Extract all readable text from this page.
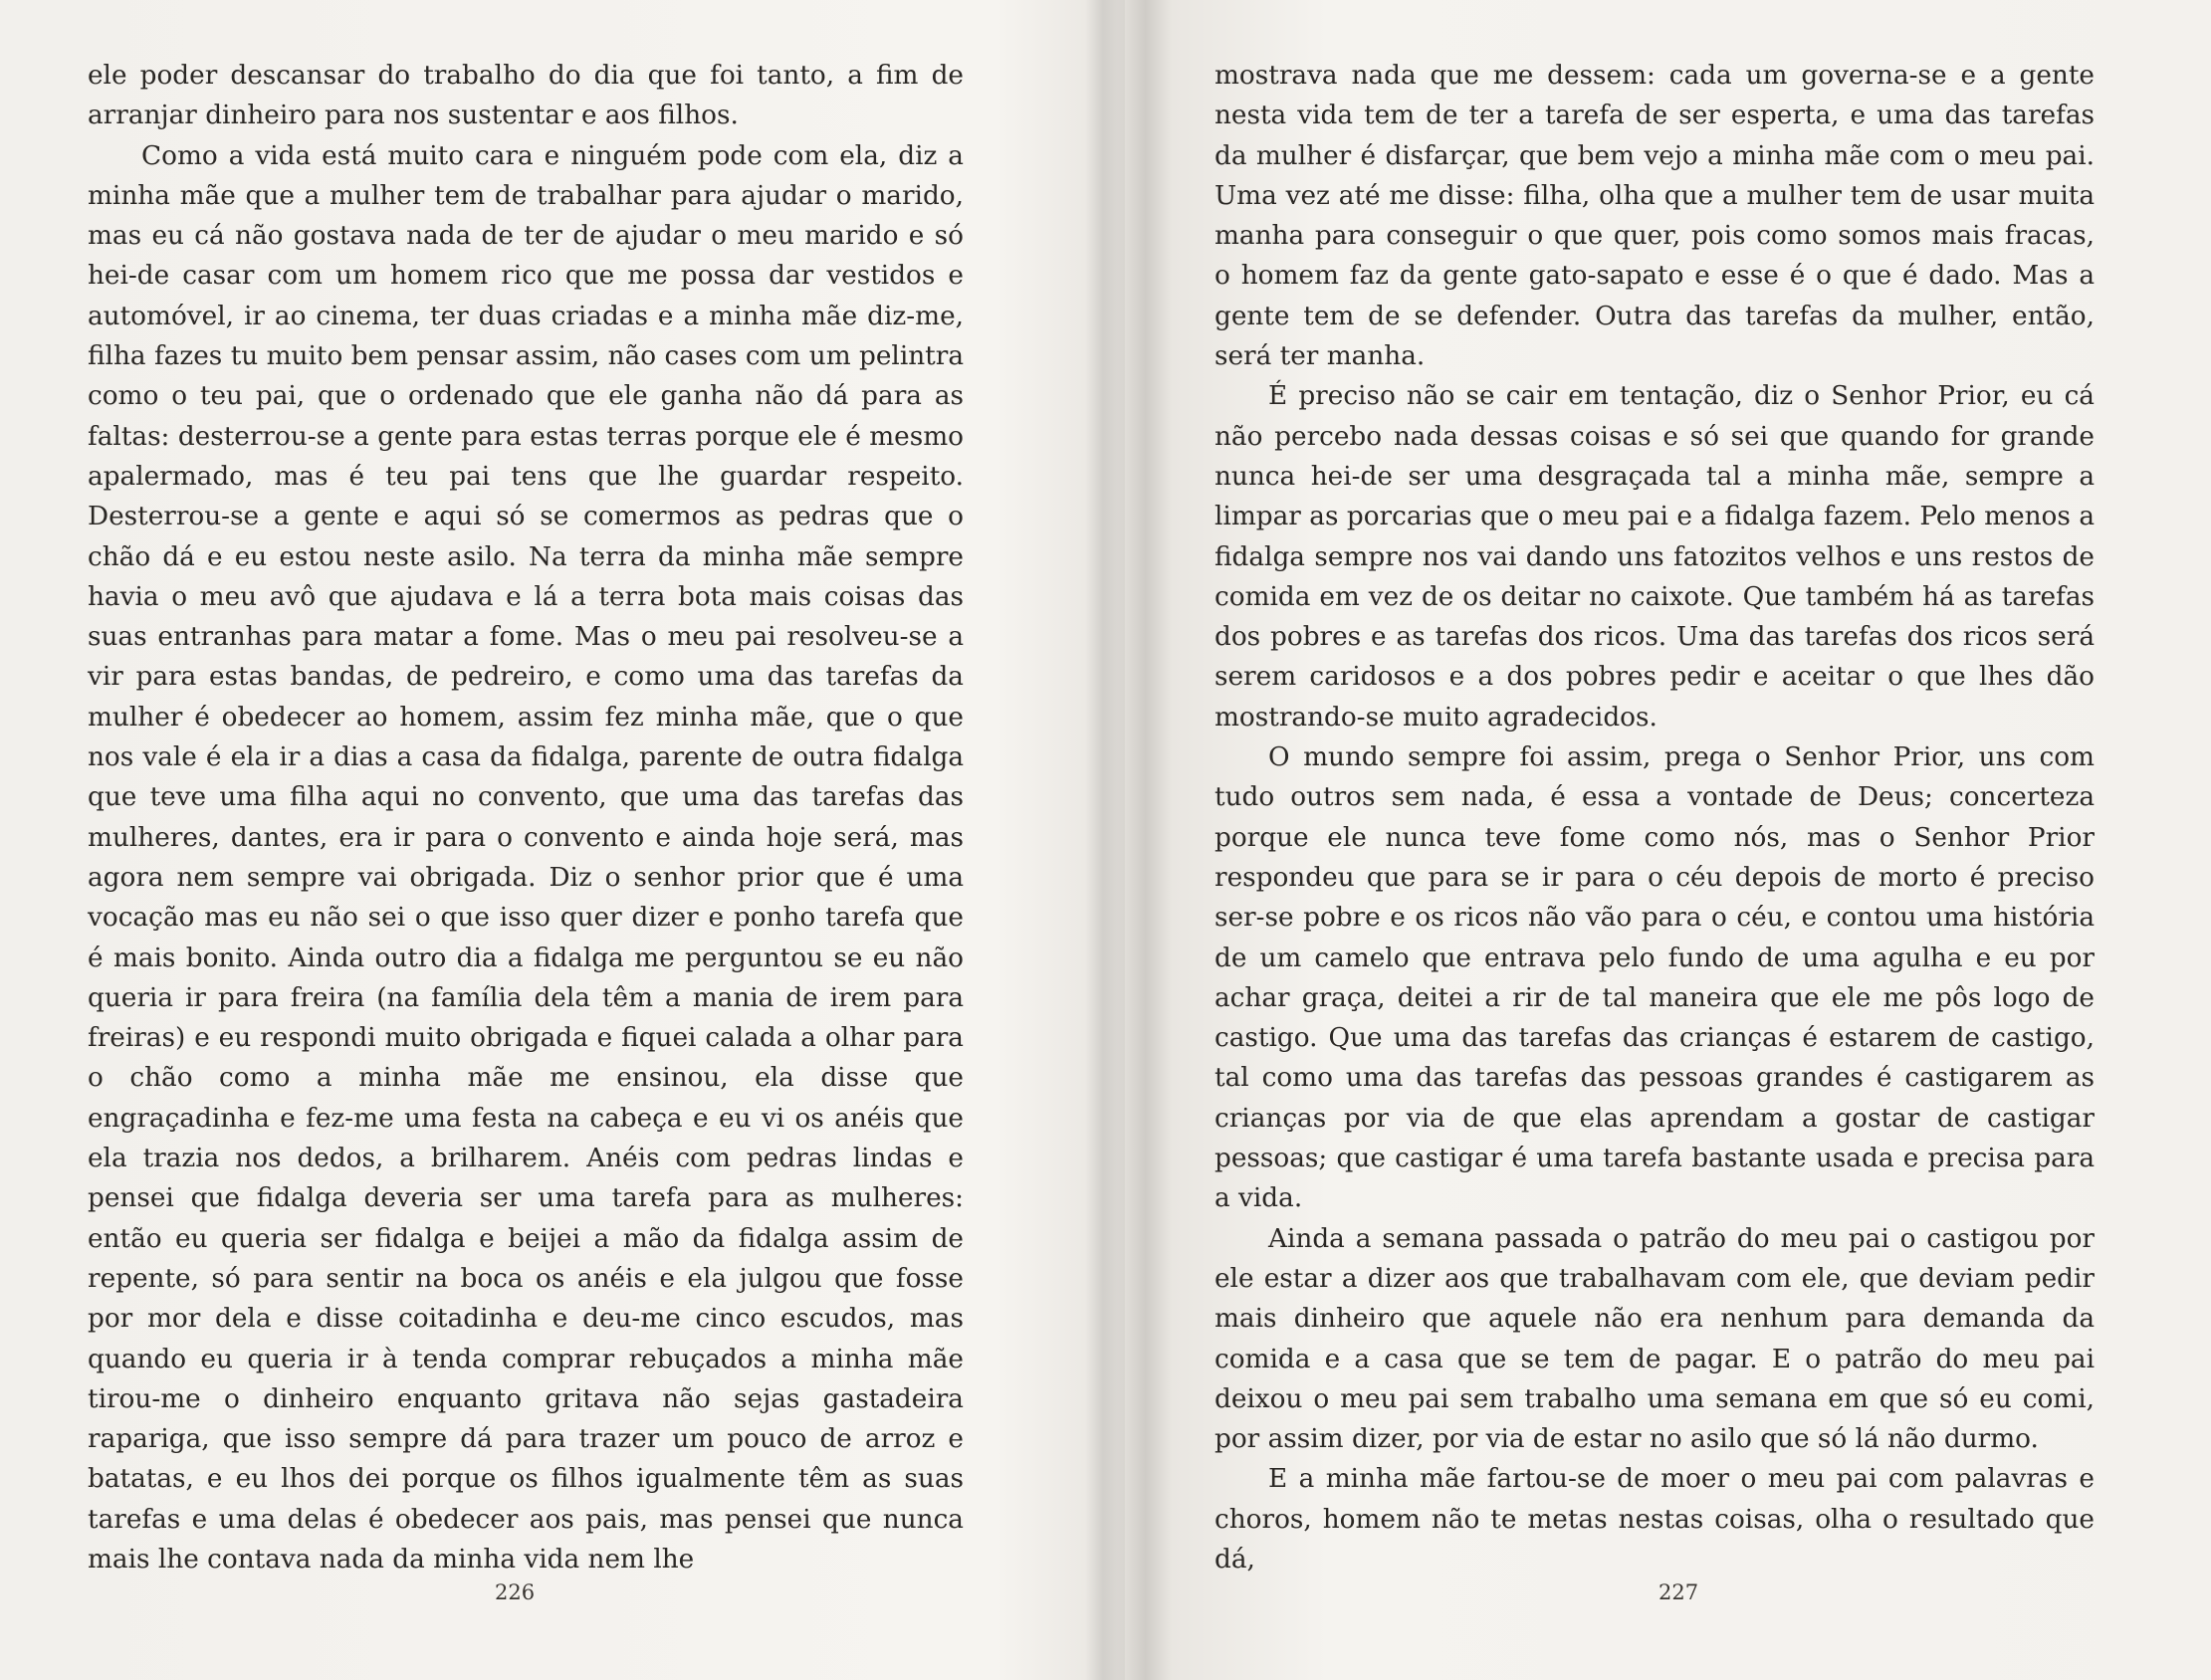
ele poder descansar do trabalho do dia que foi tanto, a fim de arranjar dinheiro para nos sustentar e aos filhos.

Como a vida está muito cara e ninguém pode com ela, diz a minha mãe que a mulher tem de trabalhar para ajudar o marido, mas eu cá não gostava nada de ter de ajudar o meu marido e só hei-de casar com um homem rico que me possa dar vestidos e automóvel, ir ao cinema, ter duas criadas e a minha mãe diz-me, filha fazes tu muito bem pensar assim, não cases com um pelintra como o teu pai, que o ordenado que ele ganha não dá para as faltas: desterrou-se a gente para estas terras porque ele é mesmo apalermado, mas é teu pai tens que lhe guardar respeito. Desterrou-se a gente e aqui só se comermos as pedras que o chão dá e eu estou neste asilo. Na terra da minha mãe sempre havia o meu avô que ajudava e lá a terra bota mais coisas das suas entranhas para matar a fome. Mas o meu pai resolveu-se a vir para estas bandas, de pedreiro, e como uma das tarefas da mulher é obedecer ao homem, assim fez minha mãe, que o que nos vale é ela ir a dias a casa da fidalga, parente de outra fidalga que teve uma filha aqui no convento, que uma das tarefas das mulheres, dantes, era ir para o convento e ainda hoje será, mas agora nem sempre vai obrigada. Diz o senhor prior que é uma vocação mas eu não sei o que isso quer dizer e ponho tarefa que é mais bonito. Ainda outro dia a fidalga me perguntou se eu não queria ir para freira (na família dela têm a mania de irem para freiras) e eu respondi muito obrigada e fiquei calada a olhar para o chão como a minha mãe me ensinou, ela disse que engraçadinha e fez-me uma festa na cabeça e eu vi os anéis que ela trazia nos dedos, a brilharem. Anéis com pedras lindas e pensei que fidalga deveria ser uma tarefa para as mulheres: então eu queria ser fidalga e beijei a mão da fidalga assim de repente, só para sentir na boca os anéis e ela julgou que fosse por mor dela e disse coitadinha e deu-me cinco escudos, mas quando eu queria ir à tenda comprar rebuçados a minha mãe tirou-me o dinheiro enquanto gritava não sejas gastadeira rapariga, que isso sempre dá para trazer um pouco de arroz e batatas, e eu lhos dei porque os filhos igualmente têm as suas tarefas e uma delas é obedecer aos pais, mas pensei que nunca mais lhe contava nada da minha vida nem lhe

mostrava nada que me dessem: cada um governa-se e a gente nesta vida tem de ter a tarefa de ser esperta, e uma das tarefas da mulher é disfarçar, que bem vejo a minha mãe com o meu pai. Uma vez até me disse: filha, olha que a mulher tem de usar muita manha para conseguir o que quer, pois como somos mais fracas, o homem faz da gente gato-sapato e esse é o que é dado. Mas a gente tem de se defender. Outra das tarefas da mulher, então, será ter manha.

É preciso não se cair em tentação, diz o Senhor Prior, eu cá não percebo nada dessas coisas e só sei que quando for grande nunca hei-de ser uma desgraçada tal a minha mãe, sempre a limpar as porcarias que o meu pai e a fidalga fazem. Pelo menos a fidalga sempre nos vai dando uns fatozitos velhos e uns restos de comida em vez de os deitar no caixote. Que também há as tarefas dos pobres e as tarefas dos ricos. Uma das tarefas dos ricos será serem caridosos e a dos pobres pedir e aceitar o que lhes dão mostrando-se muito agradecidos.

O mundo sempre foi assim, prega o Senhor Prior, uns com tudo outros sem nada, é essa a vontade de Deus; concerteza porque ele nunca teve fome como nós, mas o Senhor Prior respondeu que para se ir para o céu depois de morto é preciso ser-se pobre e os ricos não vão para o céu, e contou uma história de um camelo que entrava pelo fundo de uma agulha e eu por achar graça, deitei a rir de tal maneira que ele me pôs logo de castigo. Que uma das tarefas das crianças é estarem de castigo, tal como uma das tarefas das pessoas grandes é castigarem as crianças por via de que elas aprendam a gostar de castigar pessoas; que castigar é uma tarefa bastante usada e precisa para a vida.

Ainda a semana passada o patrão do meu pai o castigou por ele estar a dizer aos que trabalhavam com ele, que deviam pedir mais dinheiro que aquele não era nenhum para demanda da comida e a casa que se tem de pagar. E o patrão do meu pai deixou o meu pai sem trabalho uma semana em que só eu comi, por assim dizer, por via de estar no asilo que só lá não durmo.

E a minha mãe fartou-se de moer o meu pai com palavras e choros, homem não te metas nestas coisas, olha o resultado que dá,

226	227
